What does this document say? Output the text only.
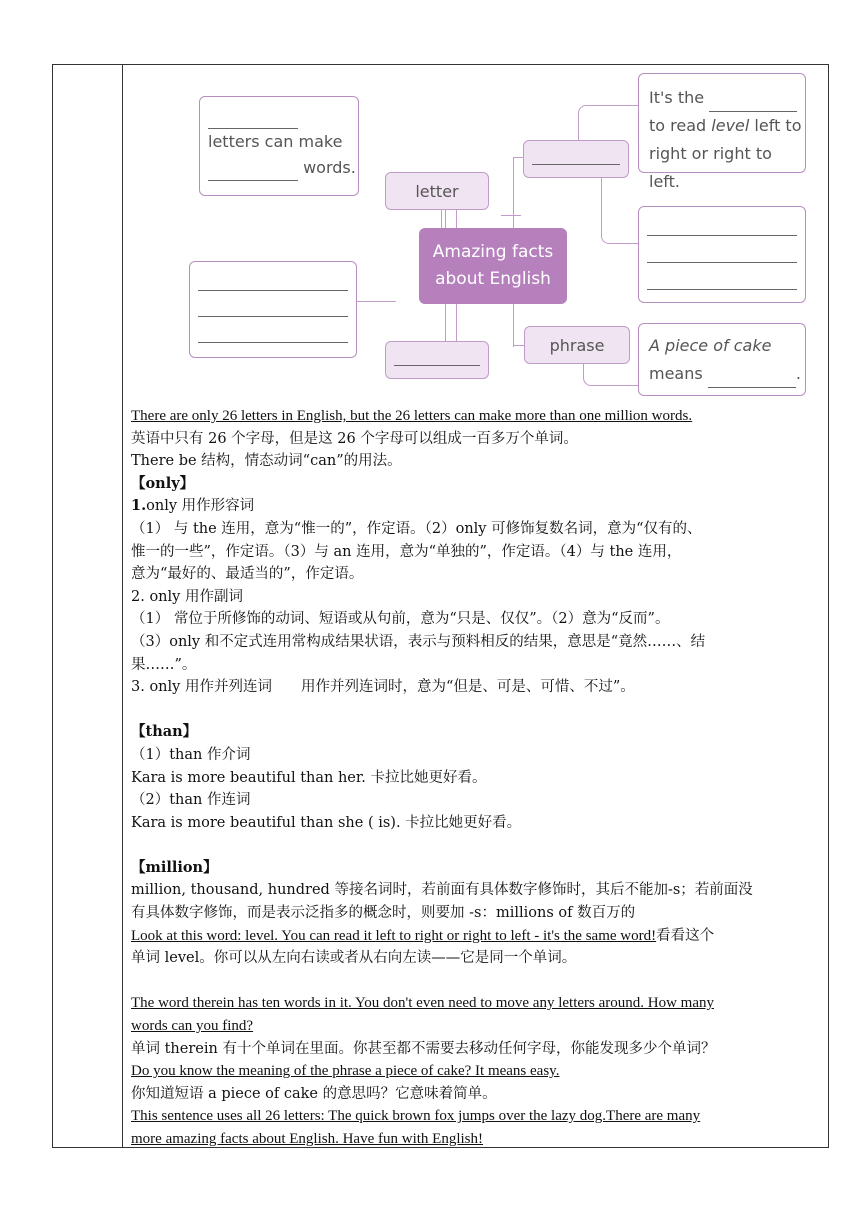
letters can make
words.
letter
Amazing facts
about English
It's the
to read level left to
right or right to left.
phrase	A piece of cake
means	.

There are only 26 letters in English, but the 26 letters can make more than one million words.

英语中只有 26 个字母，但是这 26 个字母可以组成一百多万个单词。

There be 结构，情态动词“can”的用法。

【only】

1.only 用作形容词

（1） 与 the 连用，意为“惟一的”，作定语。（2）only 可修饰复数名词，意为“仅有的、

惟一的一些”，作定语。（3）与 an 连用，意为“单独的”，作定语。（4）与 the 连用，

意为“最好的、最适当的”，作定语。

2. only 用作副词

（1） 常位于所修饰的动词、短语或从句前，意为“只是、仅仅”。（2）意为“反而”。

（3）only 和不定式连用常构成结果状语，表示与预料相反的结果，意思是“竟然……、结

果……”。

3. only 用作并列连词　　用作并列连词时，意为“但是、可是、可惜、不过”。

【than】

（1）than 作介词

Kara is more beautiful than her. 卡拉比她更好看。

（2）than 作连词

Kara is more beautiful than she ( is). 卡拉比她更好看。

【million】

million, thousand, hundred 等接名词时，若前面有具体数字修饰时，其后不能加-s；若前面没

有具体数字修饰，而是表示泛指多的概念时，则要加 -s：millions of 数百万的

Look at this word: level. You can read it left to right or right to left - it's the same word!看看这个

单词 level。你可以从左向右读或者从右向左读——它是同一个单词。

The word therein has ten words in it. You don't even need to move any letters around. How many

words can you find?

单词 therein 有十个单词在里面。你甚至都不需要去移动任何字母，你能发现多少个单词？

Do you know the meaning of the phrase a piece of cake? It means easy.

你知道短语 a piece of cake 的意思吗？它意味着简单。

This sentence uses all 26 letters: The quick brown fox jumps over the lazy dog.There are many

more amazing facts about English. Have fun with English!
